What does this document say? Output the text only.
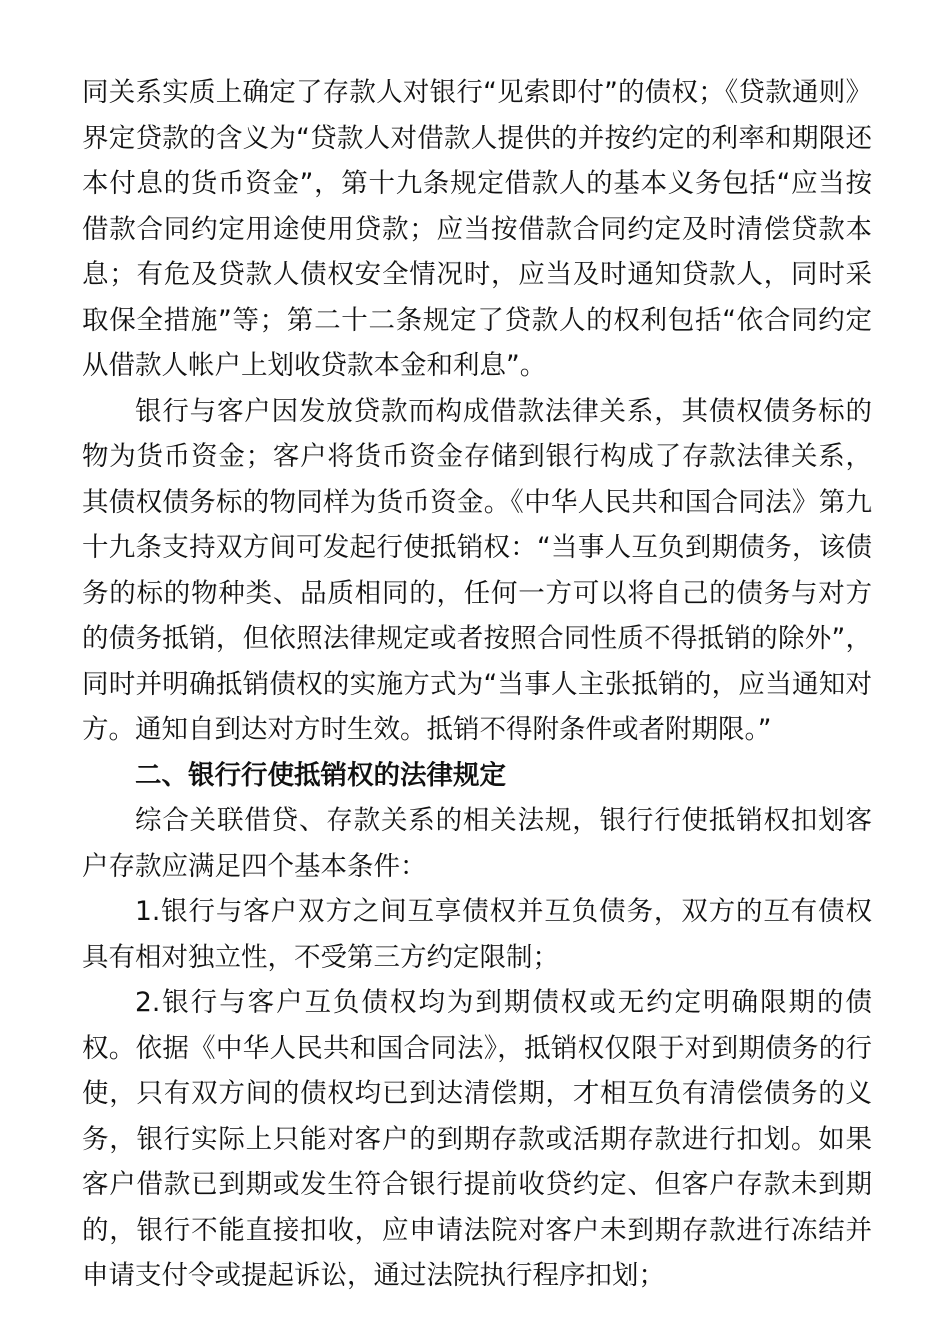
同关系实质上确定了存款人对银行“见索即付”的债权；《贷款通则》界定贷款的含义为“贷款人对借款人提供的并按约定的利率和期限还本付息的货币资金”，第十九条规定借款人的基本义务包括“应当按借款合同约定用途使用贷款；应当按借款合同约定及时清偿贷款本息；有危及贷款人债权安全情况时，应当及时通知贷款人，同时采取保全措施”等；第二十二条规定了贷款人的权利包括“依合同约定从借款人帐户上划收贷款本金和利息”。

银行与客户因发放贷款而构成借款法律关系，其债权债务标的物为货币资金；客户将货币资金存储到银行构成了存款法律关系，其债权债务标的物同样为货币资金。《中华人民共和国合同法》第九十九条支持双方间可发起行使抵销权：“当事人互负到期债务，该债务的标的物种类、品质相同的，任何一方可以将自己的债务与对方的债务抵销，但依照法律规定或者按照合同性质不得抵销的除外”，同时并明确抵销债权的实施方式为“当事人主张抵销的，应当通知对方。通知自到达对方时生效。抵销不得附条件或者附期限。”

二、银行行使抵销权的法律规定

综合关联借贷、存款关系的相关法规，银行行使抵销权扣划客户存款应满足四个基本条件：

1.银行与客户双方之间互享债权并互负债务，双方的互有债权具有相对独立性，不受第三方约定限制；

2.银行与客户互负债权均为到期债权或无约定明确限期的债权。依据《中华人民共和国合同法》，抵销权仅限于对到期债务的行使，只有双方间的债权均已到达清偿期，才相互负有清偿债务的义务，银行实际上只能对客户的到期存款或活期存款进行扣划。如果客户借款已到期或发生符合银行提前收贷约定、但客户存款未到期的，银行不能直接扣收，应申请法院对客户未到期存款进行冻结并申请支付令或提起诉讼，通过法院执行程序扣划；
